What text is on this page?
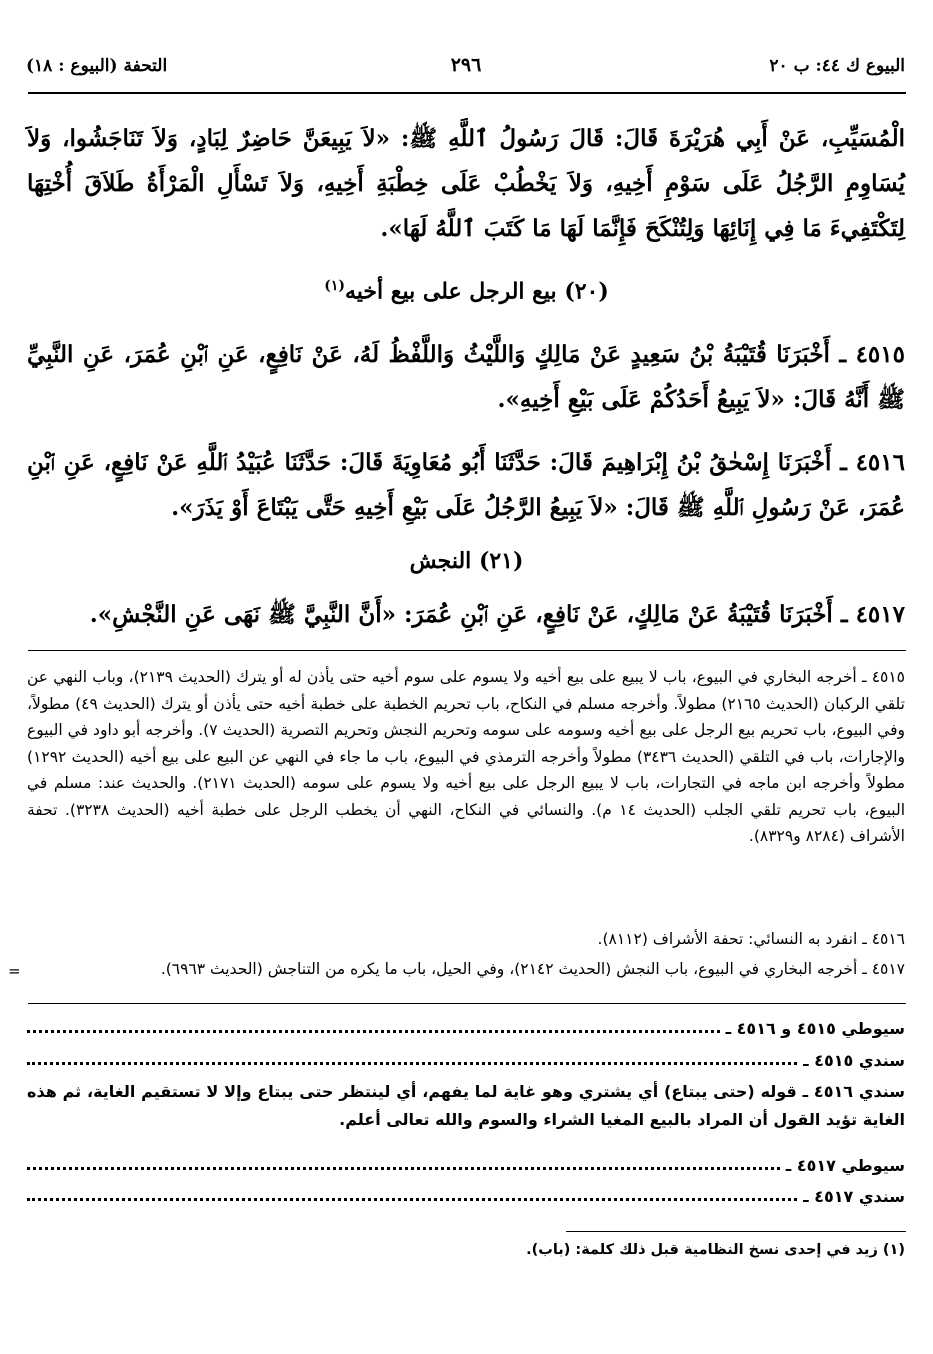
البيوع ك ٤٤: ب ٢٠
٢٩٦
التحفة (البيوع : ١٨)
الْمُسَيِّبِ، عَنْ أَبِي هُرَيْرَةَ قَالَ: قَالَ رَسُولُ ٱللَّهِ ﷺ: «لاَ يَبِيعَنَّ حَاضِرٌ لِبَادٍ، وَلاَ تَنَاجَشُوا، وَلاَ يُسَاوِمِ الرَّجُلُ عَلَى سَوْمِ أَخِيهِ، وَلاَ يَخْطُبْ عَلَى خِطْبَةِ أَخِيهِ، وَلاَ تَسْأَلِ الْمَرْأَةُ طَلاَقَ أُخْتِهَا لِتَكْتَفِيءَ مَا فِي إِنَائِهَا وَلِتُنْكَحَ فَإِنَّمَا لَهَا مَا كَتَبَ ٱللَّهُ لَهَا».
(٢٠) بيع الرجل على بيع أخيه$^{(١)}$
٤٥١٥ ـ أَخْبَرَنَا قُتَيْبَةُ بْنُ سَعِيدٍ عَنْ مَالِكٍ وَاللَّيْثُ وَاللَّفْظُ لَهُ، عَنْ نَافِعٍ، عَنِ ٱبْنِ عُمَرَ، عَنِ النَّبِيِّ ﷺ أَنَّهُ قَالَ: «لاَ يَبِيعُ أَحَدُكُمْ عَلَى بَيْعِ أَخِيهِ».
٤٥١٦ ـ أَخْبَرَنَا إِسْحٰقُ بْنُ إِبْرَاهِيمَ قَالَ: حَدَّثَنَا أَبُو مُعَاوِيَةَ قَالَ: حَدَّثَنَا عُبَيْدُ ٱللَّهِ عَنْ نَافِعٍ، عَنِ ٱبْنِ عُمَرَ، عَنْ رَسُولِ ٱللَّهِ ﷺ قَالَ: «لاَ يَبِيعُ الرَّجُلُ عَلَى بَيْعِ أَخِيهِ حَتَّى يَبْتَاعَ أَوْ يَذَرَ».
(٢١) النجش
٤٥١٧ ـ أَخْبَرَنَا قُتَيْبَةُ عَنْ مَالِكٍ، عَنْ نَافِعٍ، عَنِ ٱبْنِ عُمَرَ: «أَنَّ النَّبِيَّ ﷺ نَهَى عَنِ النَّجْشِ».
٤٥١٥ ـ أخرجه البخاري في البيوع، باب لا يبيع على بيع أخيه ولا يسوم على سوم أخيه حتى يأذن له أو يترك (الحديث ٢١٣٩)، وباب النهي عن تلقي الركبان (الحديث ٢١٦٥) مطولاً. وأخرجه مسلم في النكاح، باب تحريم الخطبة على خطبة أخيه حتى يأذن أو يترك (الحديث ٤٩) مطولاً، وفي البيوع، باب تحريم بيع الرجل على بيع أخيه وسومه على سومه وتحريم النجش وتحريم التصرية (الحديث ٧). وأخرجه أبو داود في البيوع والإجارات، باب في التلقي (الحديث ٣٤٣٦) مطولاً وأخرجه الترمذي في البيوع، باب ما جاء في النهي عن البيع على بيع أخيه (الحديث ١٢٩٢) مطولاً وأخرجه ابن ماجه في التجارات، باب لا يبيع الرجل على بيع أخيه ولا يسوم على سومه (الحديث ٢١٧١). والحديث عند: مسلم في البيوع، باب تحريم تلقي الجلب (الحديث ١٤ م). والنسائي في النكاح، النهي أن يخطب الرجل على خطبة أخيه (الحديث ٣٢٣٨). تحفة الأشراف (٨٢٨٤ و٨٣٢٩).
٤٥١٦ ـ انفرد به النسائي: تحفة الأشراف (٨١١٢).
٤٥١٧ ـ أخرجه البخاري في البيوع، باب النجش (الحديث ٢١٤٢)، وفي الحيل، باب ما يكره من التناجش (الحديث ٦٩٦٣).
=
سيوطي ٤٥١٥ و ٤٥١٦ ـ
سندي ٤٥١٥ ـ
سندي ٤٥١٦ ـ قوله (حتى يبتاع) أي يشتري وهو غاية لما يفهم، أي لينتظر حتى يبتاع وإلا لا تستقيم الغاية، ثم هذه الغاية تؤيد القول أن المراد بالبيع المغيا الشراء والسوم والله تعالى أعلم.
سيوطي ٤٥١٧ ـ
سندي ٤٥١٧ ـ
(١) زيد في إحدى نسخ النظامية قبل ذلك كلمة: (باب).
